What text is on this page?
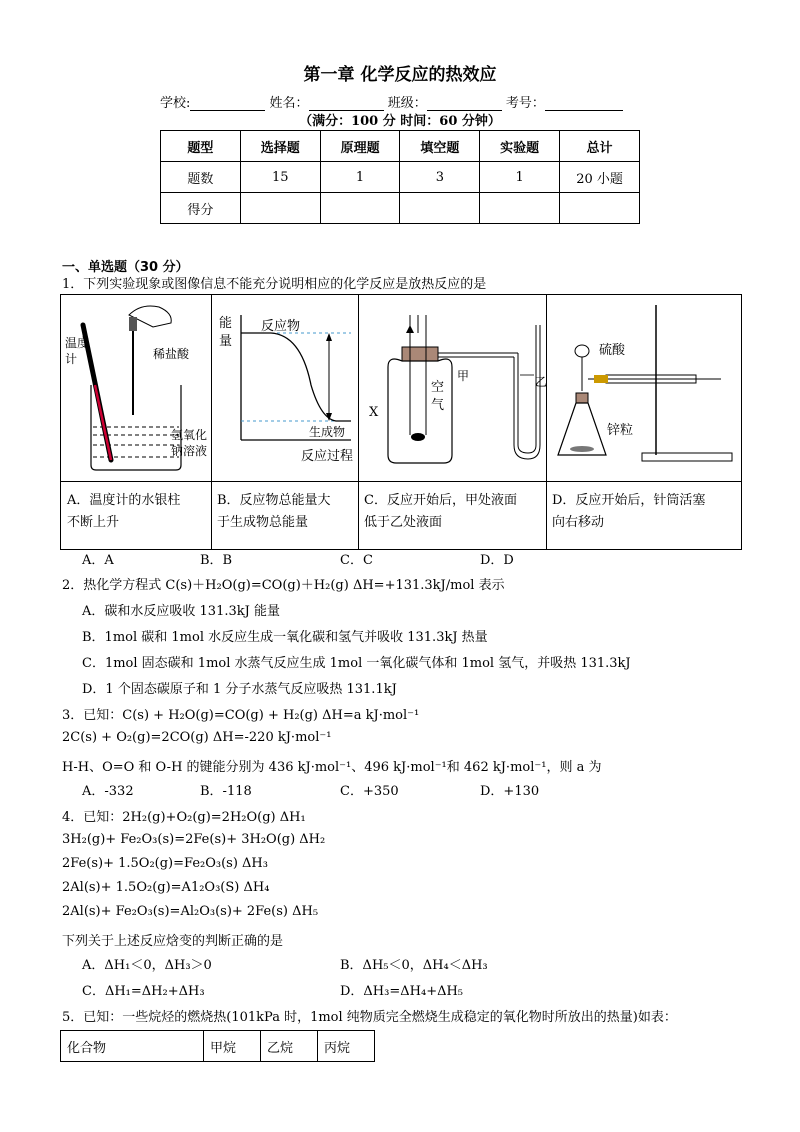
第一章 化学反应的热效应
学校:	姓名：	班级：	考号：
（满分：100 分 时间：60 分钟）
题型	选择题	原理题	填空题	实验题	总计
题数	15	1	3	1	20 小题
得分					
一、单选题（30 分）
1．下列实验现象或图像信息不能充分说明相应的化学反应是放热反应的是
温度
计	稀盐酸
氢氧化
钠溶液
能
量
反应物
生成物
反应过程
空
气
X
甲	乙
硫酸
锌粒
A．温度计的水银柱
不断上升
B．反应物总能量大
于生成物总能量
C．反应开始后，甲处液面
低于乙处液面
D．反应开始后，针筒活塞
向右移动
A．A	B．B	C．C	D．D
2．热化学方程式 C(s)＋H₂O(g)=CO(g)＋H₂(g) ΔH=+131.3kJ/mol 表示
A．碳和水反应吸收 131.3kJ 能量
B．1mol 碳和 1mol 水反应生成一氧化碳和氢气并吸收 131.3kJ 热量
C．1mol 固态碳和 1mol 水蒸气反应生成 1mol 一氧化碳气体和 1mol 氢气，并吸热 131.3kJ
D．1 个固态碳原子和 1 分子水蒸气反应吸热 131.1kJ
3．已知：C(s) + H₂O(g)=CO(g) + H₂(g) ΔH=a kJ·mol⁻¹
2C(s) + O₂(g)=2CO(g) ΔH=-220 kJ·mol⁻¹
H-H、O=O 和 O-H 的键能分别为 436 kJ·mol⁻¹、496 kJ·mol⁻¹和 462 kJ·mol⁻¹，则 a 为
A．-332	B．-118	C．+350	D．+130
4．已知：2H₂(g)+O₂(g)=2H₂O(g) ΔH₁
3H₂(g)+ Fe₂O₃(s)=2Fe(s)+ 3H₂O(g) ΔH₂
2Fe(s)+ 1.5O₂(g)=Fe₂O₃(s) ΔH₃
2Al(s)+ 1.5O₂(g)=A1₂O₃(S) ΔH₄
2Al(s)+ Fe₂O₃(s)=Al₂O₃(s)+ 2Fe(s) ΔH₅
下列关于上述反应焓变的判断正确的是
A．ΔH₁＜0，ΔH₃＞0	B．ΔH₅＜0，ΔH₄＜ΔH₃
C．ΔH₁=ΔH₂+ΔH₃	D．ΔH₃=ΔH₄+ΔH₅
5．已知：一些烷烃的燃烧热(101kPa 时，1mol 纯物质完全燃烧生成稳定的氧化物时所放出的热量)如表：
化合物	甲烷	乙烷	丙烷
